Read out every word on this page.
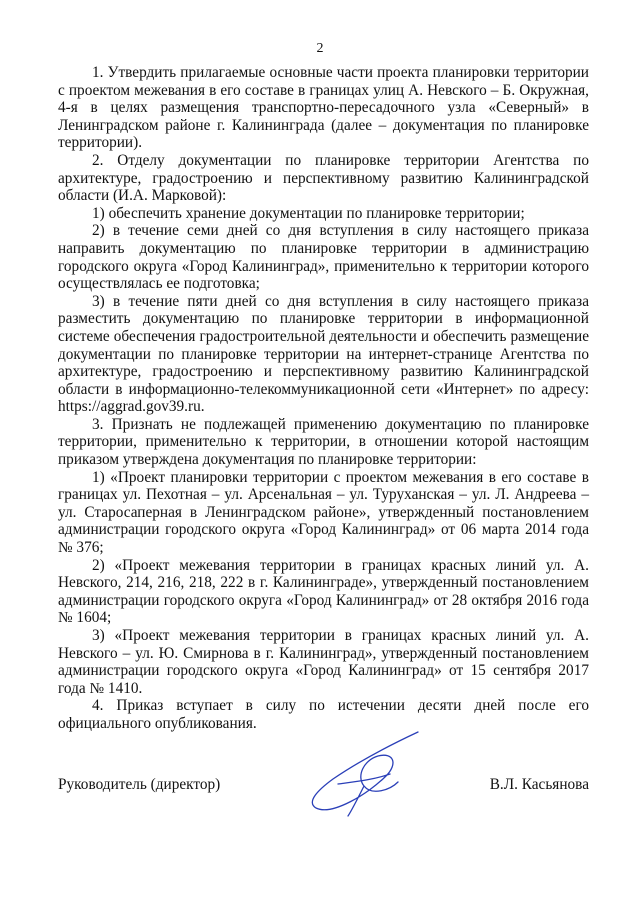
2

1. Утвердить прилагаемые основные части проекта планировки территории с проектом межевания в его составе в границах улиц А. Невского – Б. Окружная, 4-я в целях размещения транспортно-пересадочного узла «Северный» в Ленинградском районе г. Калининграда (далее – документация по планировке территории).

2. Отделу документации по планировке территории Агентства по архитектуре, градостроению и перспективному развитию Калининградской области (И.А. Марковой):

1) обеспечить хранение документации по планировке территории;

2) в течение семи дней со дня вступления в силу настоящего приказа направить документацию по планировке территории в администрацию городского округа «Город Калининград», применительно к территории которого осуществлялась ее подготовка;

3) в течение пяти дней со дня вступления в силу настоящего приказа разместить документацию по планировке территории в информационной системе обеспечения градостроительной деятельности и обеспечить размещение документации по планировке территории на интернет-странице Агентства по архитектуре, градостроению и перспективному развитию Калининградской области в информационно-телекоммуникационной сети «Интернет» по адресу: https://aggrad.gov39.ru.

3. Признать не подлежащей применению документацию по планировке территории, применительно к территории, в отношении которой настоящим приказом утверждена документация по планировке территории:

1) «Проект планировки территории с проектом межевания в его составе в границах ул. Пехотная – ул. Арсенальная – ул. Туруханская – ул. Л. Андреева – ул. Старосаперная в Ленинградском районе», утвержденный постановлением администрации городского округа «Город Калининград» от 06 марта 2014 года № 376;

2) «Проект межевания территории в границах красных линий ул. А. Невского, 214, 216, 218, 222 в г. Калининграде», утвержденный постановлением администрации городского округа «Город Калининград» от 28 октября 2016 года № 1604;

3) «Проект межевания территории в границах красных линий ул. А. Невского – ул. Ю. Смирнова в г. Калининград», утвержденный постановлением администрации городского округа «Город Калининград» от 15 сентября 2017 года № 1410.

4. Приказ вступает в силу по истечении десяти дней после его официального опубликования.

Руководитель (директор)	В.Л. Касьянова
